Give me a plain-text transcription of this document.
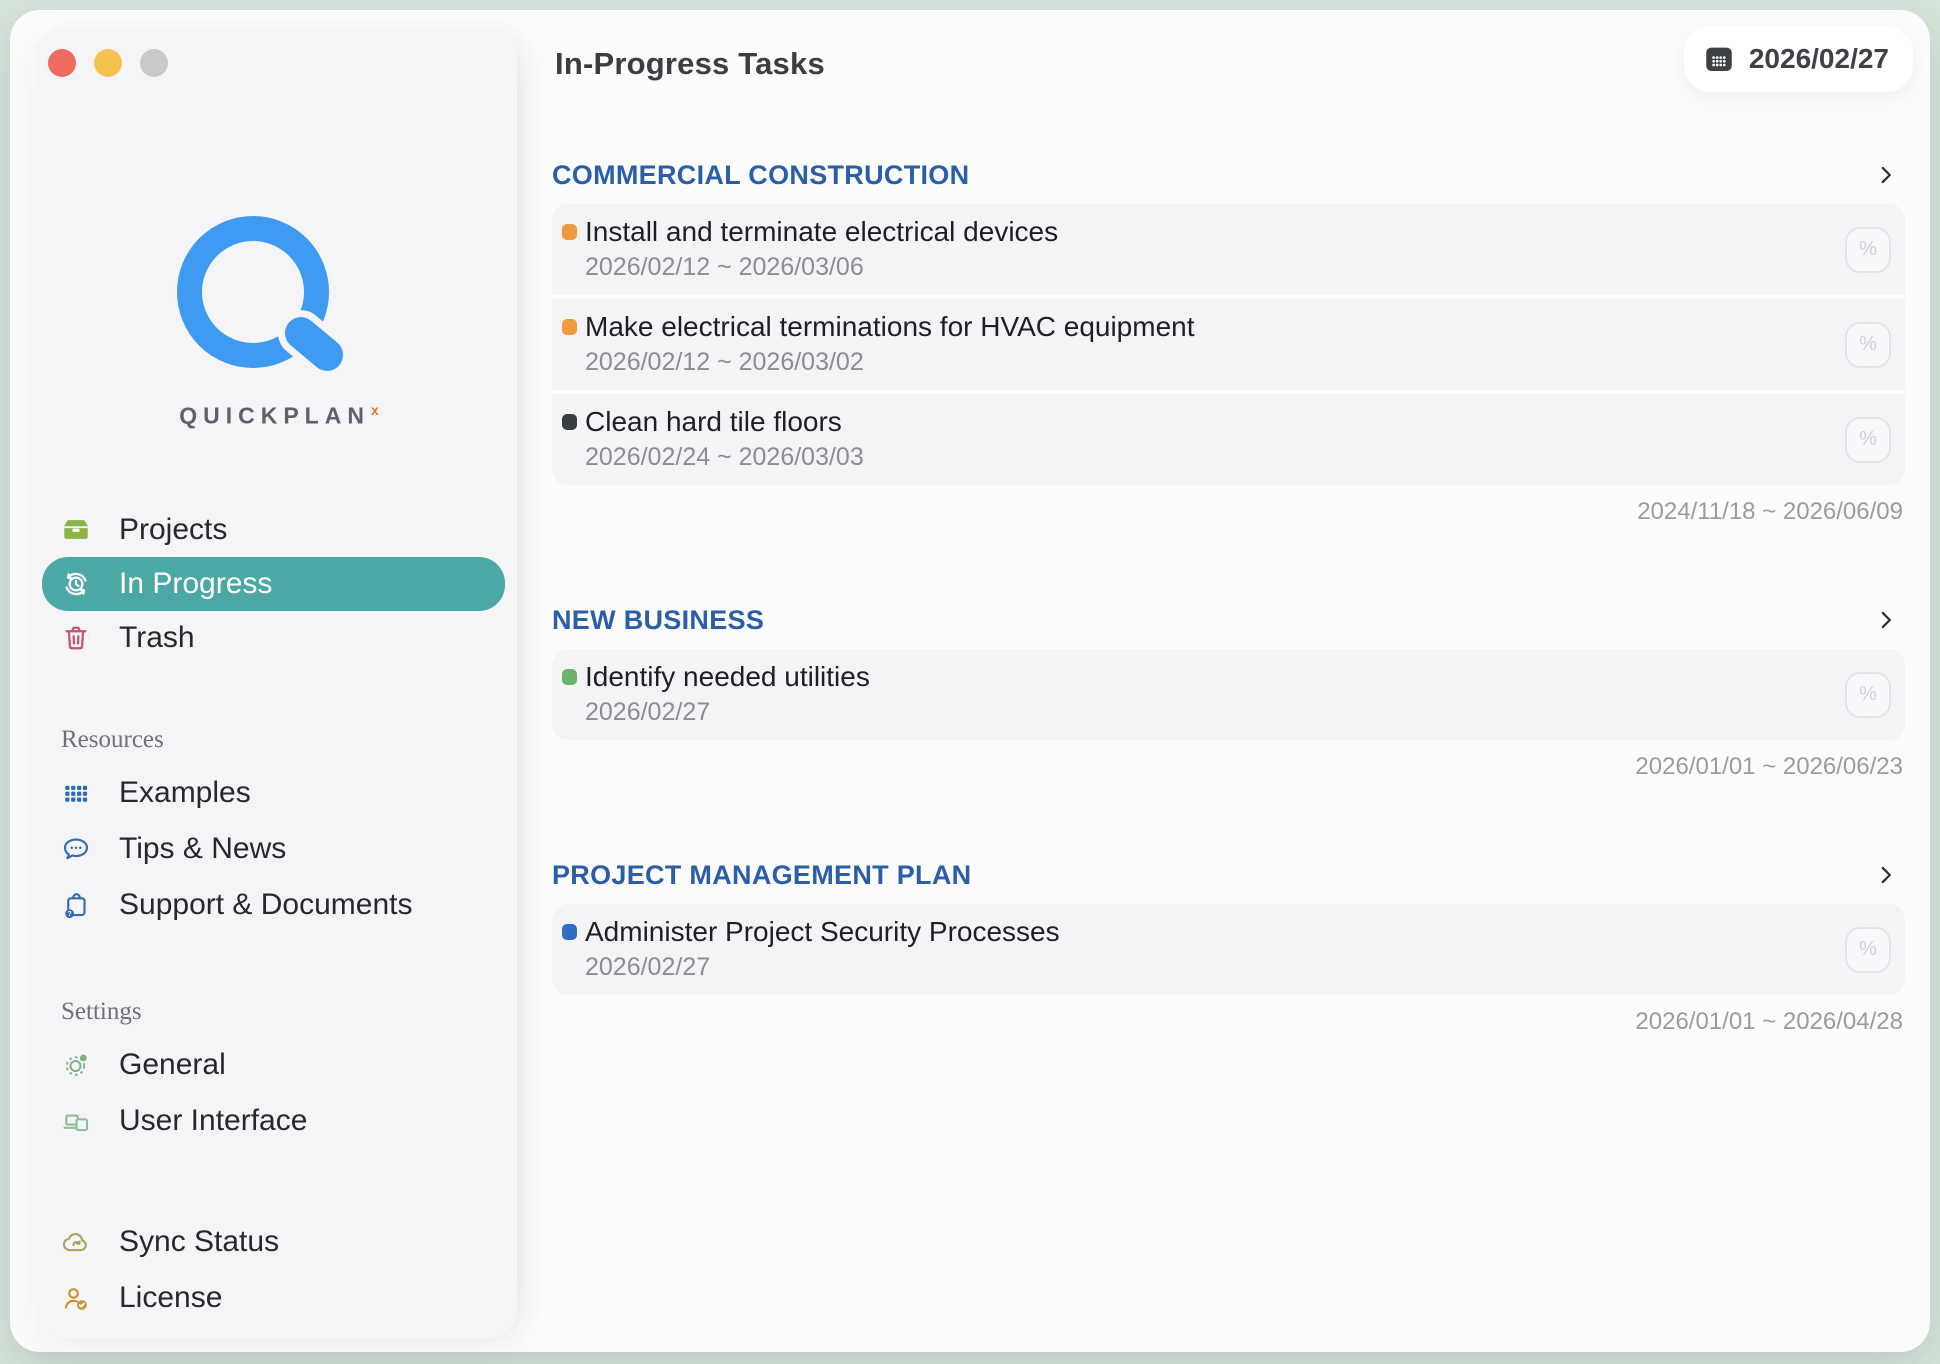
QUICKPLAN$^x$
Projects
In Progress
Trash
Resources
Examples
Tips & News
? Support & Documents
Settings
General
User Interface
Sync Status
License
2026/02/27
In-Progress Tasks
COMMERCIAL CONSTRUCTION
Install and terminate electrical devices
2026/02/12 ~ 2026/03/06
%
Make electrical terminations for HVAC equipment
2026/02/12 ~ 2026/03/02
%
Clean hard tile floors
2026/02/24 ~ 2026/03/03
%
2024/11/18 ~ 2026/06/09
NEW BUSINESS
Identify needed utilities
2026/02/27
%
2026/01/01 ~ 2026/06/23
PROJECT MANAGEMENT PLAN
Administer Project Security Processes
2026/02/27
%
2026/01/01 ~ 2026/04/28
